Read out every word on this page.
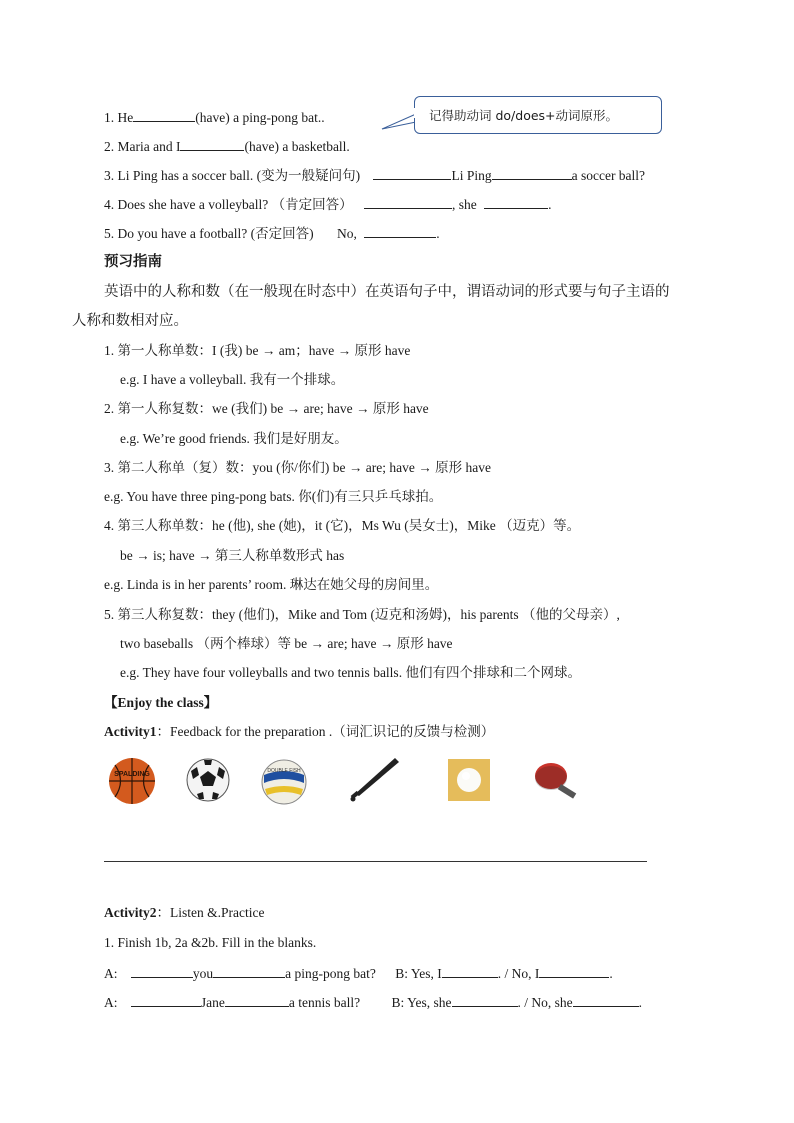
1. He	(have) a ping-pong bat..	记得助动词 do/does+动词原形。
2. Maria and I	(have) a basketball.
3. Li Ping has a soccer ball. (变为一般疑问句)	Li Ping	a soccer ball?
4. Does she have a volleyball? （肯定回答）	, she	.
5. Do you have a football? (否定回答) No,	.
预习指南
英语中的人称和数（在一般现在时态中）在英语句子中，谓语动词的形式要与句子主语的
人称和数相对应。
1. 第一人称单数：I (我) be → am；have → 原形 have
e.g. I have a volleyball. 我有一个排球。
2. 第一人称复数：we (我们) be → are; have → 原形 have
e.g. We’re good friends. 我们是好朋友。
3. 第二人称单（复）数：you (你/你们) be → are; have → 原形 have
e.g. You have three ping-pong bats. 你(们)有三只乒乓球拍。
4. 第三人称单数：he (他), she (她)，it (它)，Ms Wu (吴女士)，Mike （迈克）等。
be → is; have → 第三人称单数形式 has
e.g. Linda is in her parents’ room. 琳达在她父母的房间里。
5. 第三人称复数：they (他们)，Mike and Tom (迈克和汤姆)，his parents （他的父母亲）,
two baseballs （两个棒球）等 be → are; have → 原形 have
e.g. They have four volleyballs and two tennis balls. 他们有四个排球和二个网球。
【Enjoy the class】
Activity1：Feedback for the preparation .（词汇识记的反馈与检测）
SPALDING	DOUBLE FISH
Activity2：Listen &.Practice
1. Finish 1b, 2a &2b. Fill in the blanks.
A:	you	a ping-pong bat? B: Yes, I	. / No, I	.
A:	Jane	a tennis ball? B: Yes, she	. / No, she	.
